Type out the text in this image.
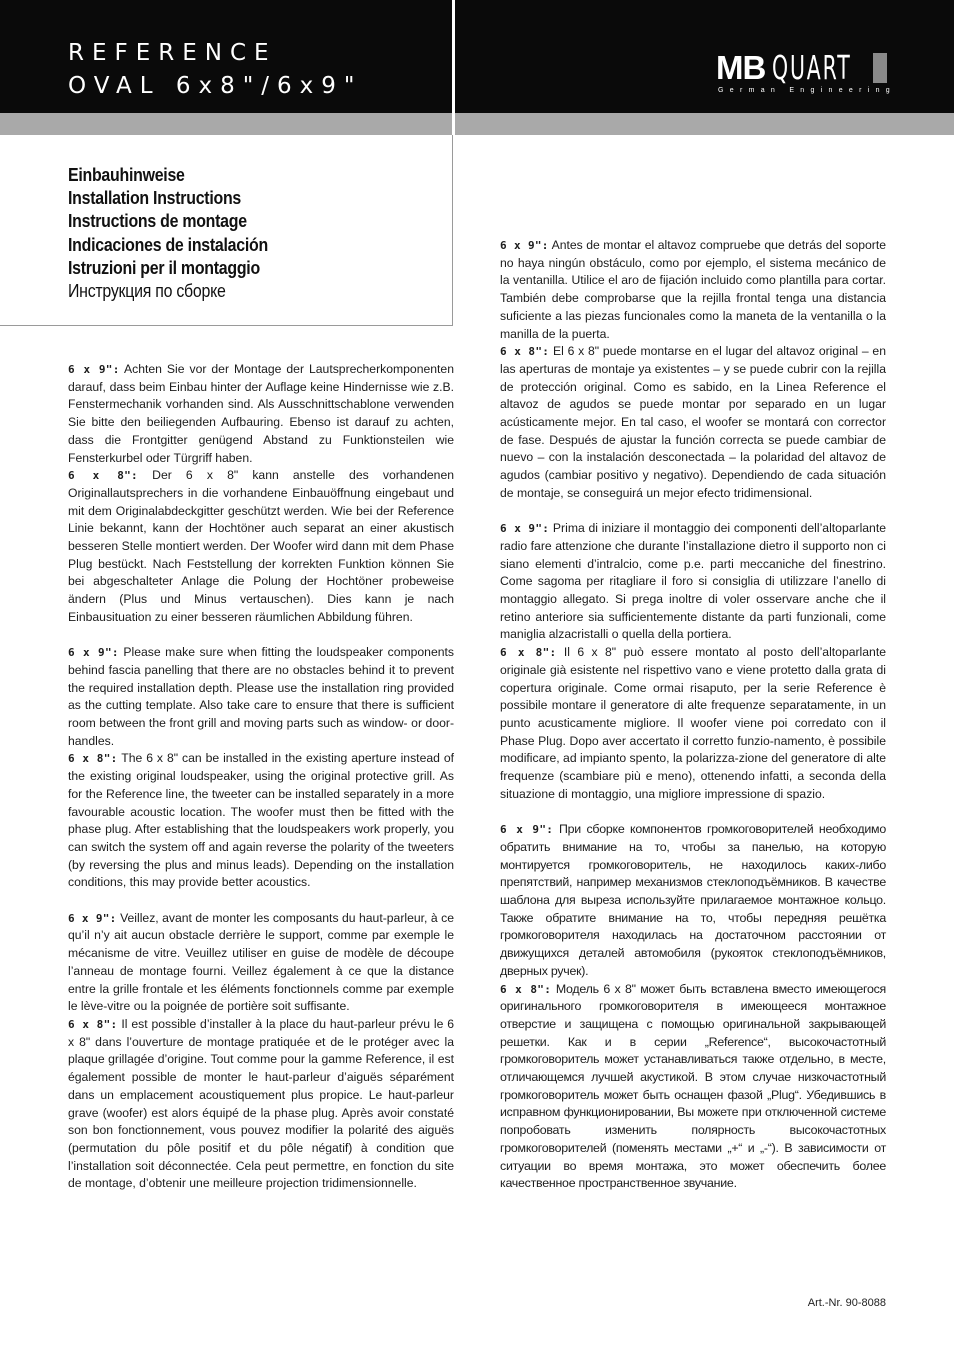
REFERENCE
OVAL 6x8"/6x9"	MB QUART
German Engineering
Einbauhinweise
Installation Instructions
Instructions de montage
Indicaciones de instalación
Istruzioni per il montaggio
Инструкция по сборке

6 x 9": Achten Sie vor der Montage der Lautsprecherkomponenten darauf, dass beim Einbau hinter der Auflage keine Hindernisse wie z.B. Fenstermechanik vorhanden sind. Als Ausschnittschablone verwenden Sie bitte den beiliegenden Aufbauring. Ebenso ist darauf zu achten, dass die Frontgitter genügend Abstand zu Funktionsteilen wie Fensterkurbel oder Türgriff haben.

6 x 8": Der 6 x 8" kann anstelle des vorhandenen Originallautsprechers in die vorhandene Einbauöffnung eingebaut und mit dem Originalabdeckgitter geschützt werden. Wie bei der Reference Linie bekannt, kann der Hochtöner auch separat an einer akustisch besseren Stelle montiert werden. Der Woofer wird dann mit dem Phase Plug bestückt. Nach Feststellung der korrekten Funktion können Sie bei abgeschalteter Anlage die Polung der Hochtöner probeweise ändern (Plus und Minus vertauschen). Dies kann je nach Einbausituation zu einer besseren räumlichen Abbildung führen.

6 x 9": Please make sure when fitting the loudspeaker components behind fascia panelling that there are no obstacles behind it to prevent the required installation depth. Please use the installation ring provided as the cutting template. Also take care to ensure that there is sufficient room between the front grill and moving parts such as window- or door-handles.

6 x 8": The 6 x 8" can be installed in the existing aperture instead of the existing original loudspeaker, using the original protective grill. As for the Reference line, the tweeter can be installed separately in a more favourable acoustic location. The woofer must then be fitted with the phase plug. After establishing that the loudspeakers work properly, you can switch the system off and again reverse the polarity of the tweeters (by reversing the plus and minus leads). Depending on the installation conditions, this may provide better acoustics.

6 x 9": Veillez, avant de monter les composants du haut-parleur, à ce qu’il n’y ait aucun obstacle derrière le support, comme par exemple le mécanisme de vitre. Veuillez utiliser en guise de modèle de découpe l’anneau de montage fourni. Veillez également à ce que la distance entre la grille frontale et les éléments fonctionnels comme par exemple le lève-vitre ou la poignée de portière soit suffisante.

6 x 8": Il est possible d’installer à la place du haut-parleur prévu le 6 x 8" dans l’ouverture de montage pratiquée et de le protéger avec la plaque grillagée d’origine. Tout comme pour la gamme Reference, il est également possible de monter le haut-parleur d’aiguës séparément dans un emplacement acoustiquement plus propice. Le haut-parleur grave (woofer) est alors équipé de la phase plug. Après avoir constaté son bon fonctionnement, vous pouvez modifier la polarité des aiguës (permutation du pôle positif et du pôle négatif) à condition que l’installation soit déconnectée. Cela peut permettre, en fonction du site de montage, d’obtenir une meilleure projection tridimensionnelle.

6 x 9": Antes de montar el altavoz compruebe que detrás del soporte no haya ningún obstáculo, como por ejemplo, el sistema mecánico de la ventanilla. Utilice el aro de fijación incluido como plantilla para cortar. También debe comprobarse que la rejilla frontal tenga una distancia suficiente a las piezas funcionales como la maneta de la ventanilla o la manilla de la puerta.

6 x 8": El 6 x 8" puede montarse en el lugar del altavoz original – en las aperturas de montaje ya existentes – y se puede cubrir con la rejilla de protección original. Como es sabido, en la Linea Reference el altavoz de agudos se puede montar por separado en un lugar acústicamente mejor. En tal caso, el woofer se montará con corrector de fase. Después de ajustar la función correcta se puede cambiar de nuevo – con la instalación desconectada – la polaridad del altavoz de agudos (cambiar positivo y negativo). Dependiendo de cada situación de montaje, se conseguirá un mejor efecto tridimensional.

6 x 9": Prima di iniziare il montaggio dei componenti dell’altoparlante radio fare attenzione che durante l’installazione dietro il supporto non ci siano elementi d’intralcio, come p.e. parti meccaniche del finestrino. Come sagoma per ritagliare il foro si consiglia di utilizzare l’anello di montaggio allegato. Si prega inoltre di voler osservare anche che il retino anteriore sia sufficientemente distante da parti funzionali, come maniglia alzacristalli o quella della portiera.

6 x 8": Il 6 x 8" può essere montato al posto dell’altoparlante originale già esistente nel rispettivo vano e viene protetto dalla grata di copertura originale. Come ormai risaputo, per la serie Reference è possibile montare il generatore di alte frequenze separatamente, in un punto acusticamente migliore. Il woofer viene poi corredato con il Phase Plug. Dopo aver accertato il corretto funzio-namento, è possibile modificare, ad impianto spento, la polarizza-zione del generatore di alte frequenze (scambiare più e meno), ottenendo infatti, a seconda della situazione di montaggio, una migliore impressione di spazio.

6 x 9": При сборке компонентов громкоговорителей необходимо обратить внимание на то, чтобы за панелью, на которую монтируется громкоговоритель, не находилось каких-либо препятствий, например механизмов стеклоподъёмников. В качестве шаблона для выреза используйте прилагаемое монтажное кольцо. Также обратите внимание на то, чтобы передняя решётка громкоговорителя находилась на достаточном расстоянии от движущихся деталей автомобиля (рукояток стеклоподъёмников, дверных ручек).

6 x 8": Модель 6 x 8" может быть вставлена вместо имеющегося оригинального громкоговорителя в имеющееся монтажное отверстие и защищена с помощью оригинальной закрывающей решетки. Как и в серии „Reference“, высокочастотный громкоговоритель может устанавливаться также отдельно, в месте, отличающемся лучшей акустикой. В этом случае низкочастотный громкоговоритель может быть оснащен фазой „Plug“. Убедившись в исправном функционировании, Вы можете при отключенной системе попробовать изменить полярность высокочастотных громкоговорителей (поменять местами „+“ и „-“). В зависимости от ситуации во время монтажа, это может обеспечить более качественное пространственное звучание.

Art.-Nr. 90-8088
